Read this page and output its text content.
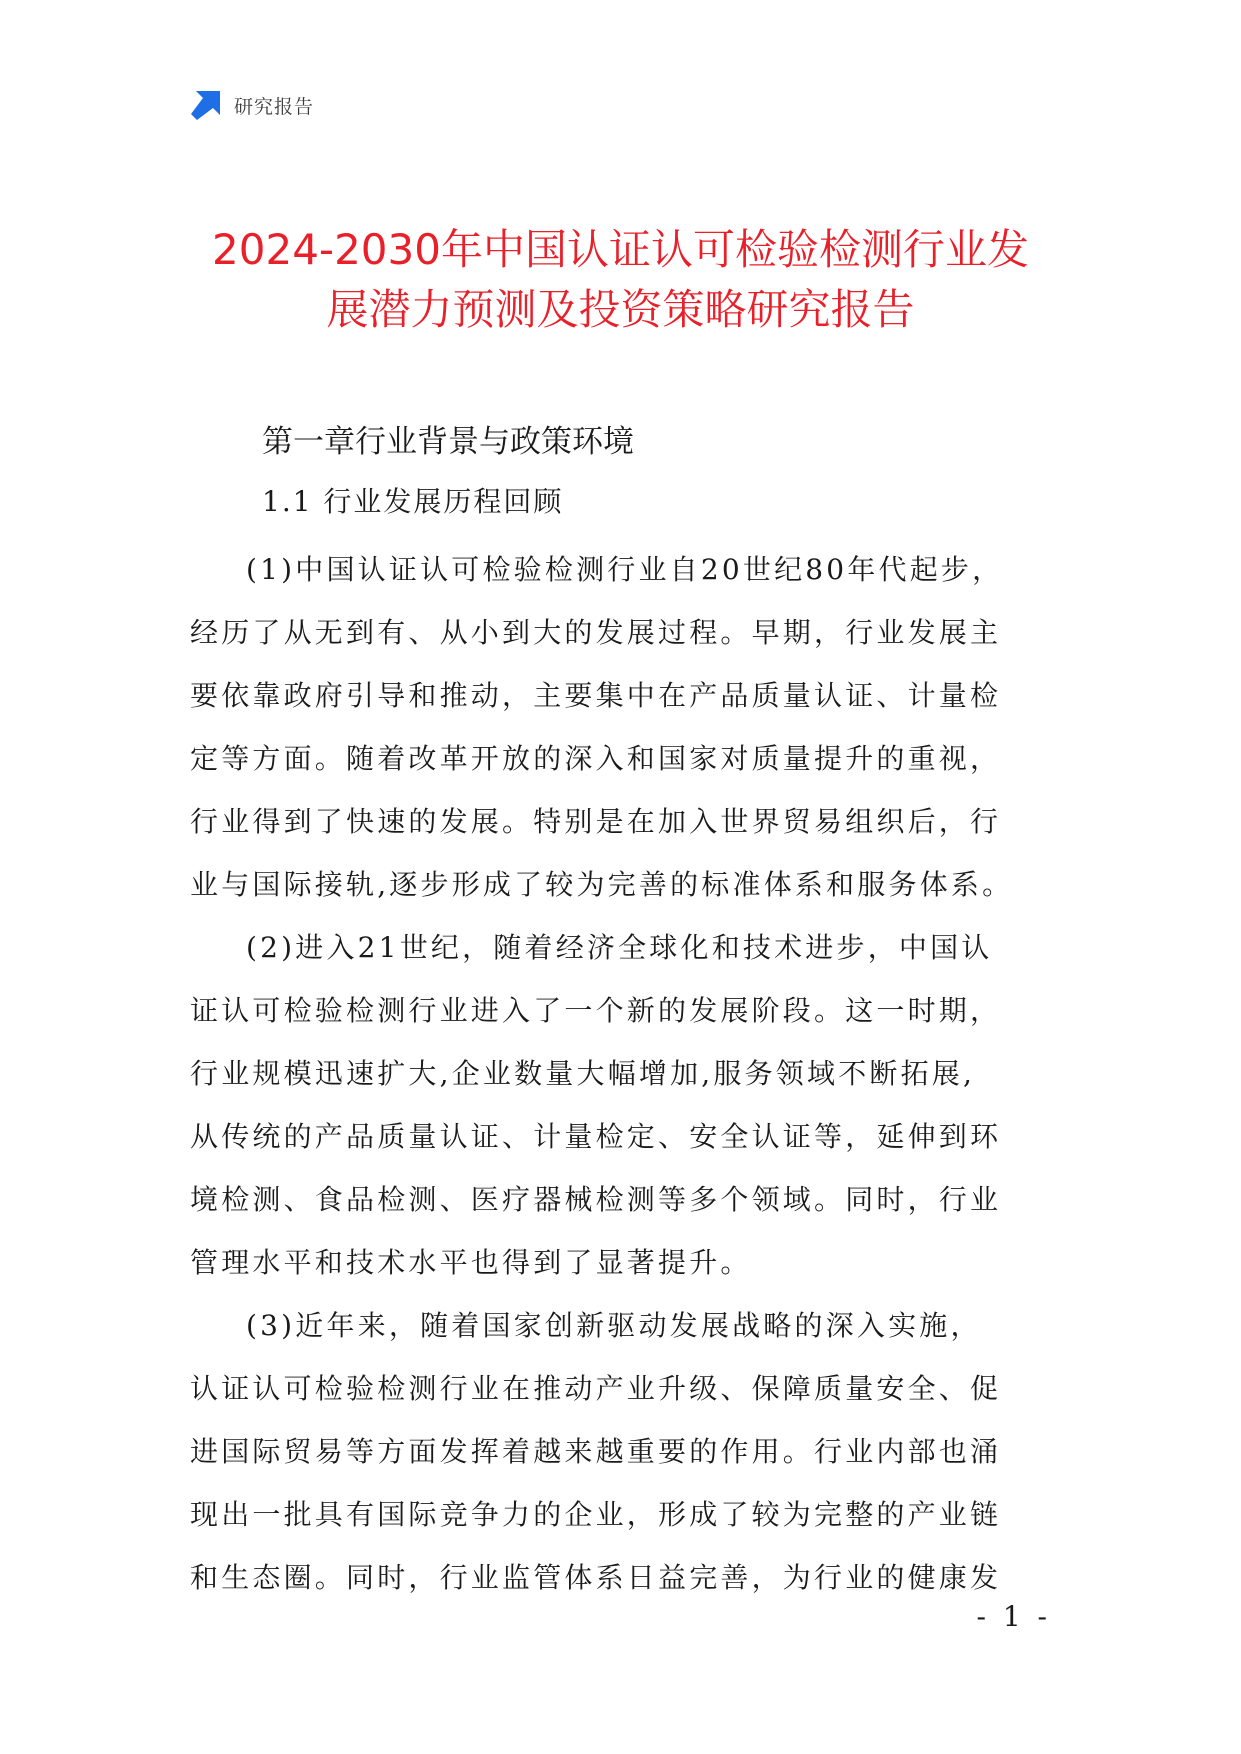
研究报告
2024-2030年中国认证认可检验检测行业发
展潜力预测及投资策略研究报告
第一章行业背景与政策环境
1.1 行业发展历程回顾

(1)中国认证认可检验检测行业自20世纪80年代起步，
经历了从无到有、从小到大的发展过程。早期，行业发展主
要依靠政府引导和推动，主要集中在产品质量认证、计量检
定等方面。随着改革开放的深入和国家对质量提升的重视，
行业得到了快速的发展。特别是在加入世界贸易组织后，行
业与国际接轨,逐步形成了较为完善的标准体系和服务体系。

(2)进入21世纪，随着经济全球化和技术进步，中国认
证认可检验检测行业进入了一个新的发展阶段。这一时期，
行业规模迅速扩大,企业数量大幅增加,服务领域不断拓展,
从传统的产品质量认证、计量检定、安全认证等，延伸到环
境检测、食品检测、医疗器械检测等多个领域。同时，行业
管理水平和技术水平也得到了显著提升。

(3)近年来，随着国家创新驱动发展战略的深入实施，
认证认可检验检测行业在推动产业升级、保障质量安全、促
进国际贸易等方面发挥着越来越重要的作用。行业内部也涌
现出一批具有国际竞争力的企业，形成了较为完整的产业链
和生态圈。同时，行业监管体系日益完善，为行业的健康发

- 1 -
